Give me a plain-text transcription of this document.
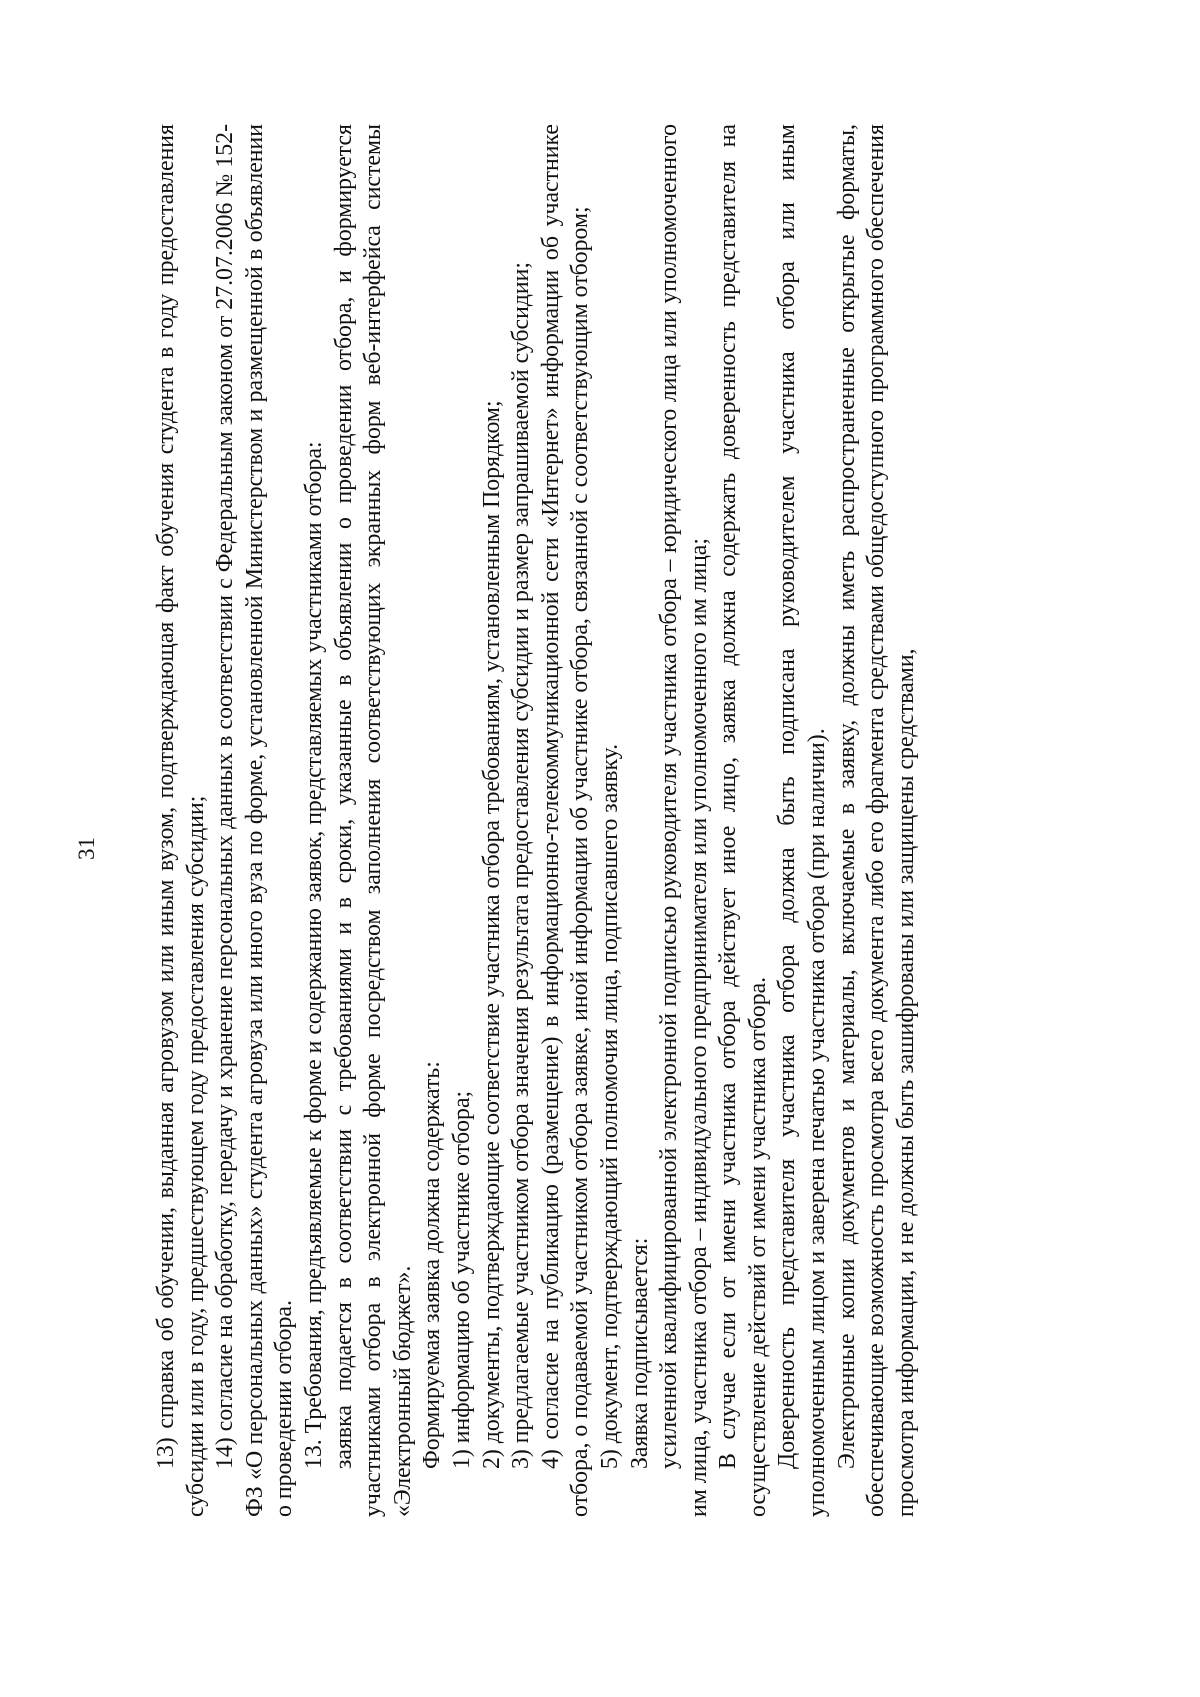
31 13) справка об обучении, выданная агровузом или иным вузом, подтверждающая факт обучения студента в году предоставления субсидии или в году, предшествующем году предоставления субсидии; 14) согласие на обработку, передачу и хранение персональных данных в соответствии с Федеральным законом от 27.07.2006 № 152-ФЗ «О персональных данных» студента агровуза или иного вуза по форме, установленной Министерством и размещенной в объявлении о проведении отбора. 13. Требования, предъявляемые к форме и содержанию заявок, представляемых участниками отбора: заявка подается в соответствии с требованиями и в сроки, указанные в объявлении о проведении отбора, и формируется участниками отбора в электронной форме посредством заполнения соответствующих экранных форм веб-интерфейса системы «Электронный бюджет». Формируемая заявка должна содержать: 1) информацию об участнике отбора; 2) документы, подтверждающие соответствие участника отбора требованиям, установленным Порядком; 3) предлагаемые участником отбора значения результата предоставления субсидии и размер запрашиваемой субсидии; 4) согласие на публикацию (размещение) в информационно-телекоммуникационной сети «Интернет» информации об участнике отбора, о подаваемой участником отбора заявке, иной информации об участнике отбора, связанной с соответствующим отбором; 5) документ, подтверждающий полномочия лица, подписавшего заявку. Заявка подписывается: усиленной квалифицированной электронной подписью руководителя участника отбора – юридического лица или уполномоченного им лица, участника отбора – индивидуального предпринимателя или уполномоченного им лица; В случае если от имени участника отбора действует иное лицо, заявка должна содержать доверенность представителя на осуществление действий от имени участника отбора. Доверенность представителя участника отбора должна быть подписана руководителем участника отбора или иным уполномоченным лицом и заверена печатью участника отбора (при наличии). Электронные копии документов и материалы, включаемые в заявку, должны иметь распространенные открытые форматы, обеспечивающие возможность просмотра всего документа либо его фрагмента средствами общедоступного программного обеспечения просмотра информации, и не должны быть зашифрованы или защищены средствами,
